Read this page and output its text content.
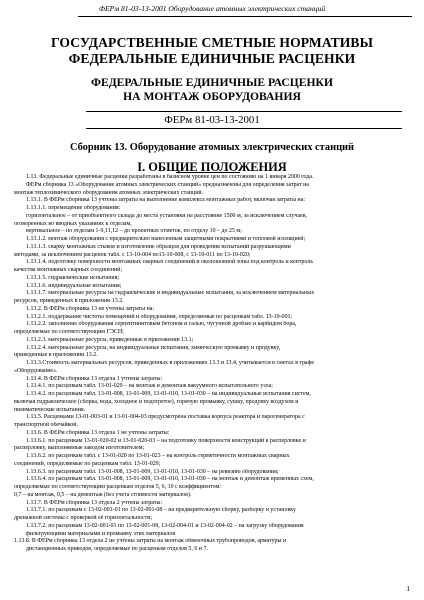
ФЕРм 81-03-13-2001 Оборудование атомных электрических станций
ГОСУДАРСТВЕННЫЕ СМЕТНЫЕ НОРМАТИВЫ
ФЕДЕРАЛЬНЫЕ ЕДИНИЧНЫЕ РАСЦЕНКИ
ФЕДЕРАЛЬНЫЕ ЕДИНИЧНЫЕ РАСЦЕНКИ
НА МОНТАЖ ОБОРУДОВАНИЯ
ФЕРм 81-03-13-2001
Сборник 13. Оборудование атомных электрических станций
I. ОБЩИЕ ПОЛОЖЕНИЯ

1.13. Федеральные единичные расценки разработаны в базисном уровне цен по состоянию на 1 января 2000 года.

ФЕРм сборника 13 «Оборудование атомных электрических станций» предназначены для определения затрат на

монтаж теплохимического оборудования атомных электрических станций.

1.13.1. В ФЕРм сборника 13 учтены затраты на выполнение комплекса монтажных работ, включая затраты на:

1.13.1.1. перемещение оборудования:

горизонтальное – от приобъектного склада до места установки на расстояние 1500 м, за исключением случаев,

оговоренных во вводных указаниях к отделам,

вертикальное – по отделам 1-9,11,12 – до проектных отметок, по отделу 10 – до 25 м;

1.13.1.2. монтаж оборудования с предварительно нанесенным защитными покрытиями и тепловой изоляцией;

1.13.1.3. сварку монтажных стыков и изготовление образцов для проведения испытаний разрушающими

методами, за исключением расценок табл. с 13-10-004 по13-10-008, с 13-10-011 по 13-10-020;

1.13.1.4. подготовку поверхности монтажных сварных соединений и околошовной зоны под контроль и контроль

качества монтажных сварных соединений;

1.13.1.5. гидравлические испытания;

1.13.1.6. индивидуальные испытания;

1.13.1.7. материальные ресурсы на гидравлические и индивидуальные испытания, за исключением материальных

ресурсов, приведенных в приложении 13.2.

1.13.2. В ФЕРм сборника 13 не учтены затраты на:

1.13.2.1. поддержание чистоты помещений и оборудования, определяемые по расценкам табл. 13-10-001;

1.13.2.2. заполнение оборудования серпентинитовым бетоном и галью, чугунной дробью и карбидом бора,

определяемые по соответствующим ГЭСН;

1.13.2.3. материальные ресурсы, приведенные в приложении 13.1;

1.13.2.4. материальные ресурсы, на индивидуальные испытания, химическую промывку и продувку,

приведенные в приложении 13.2.

1.13.3.Стоимость материальных ресурсов, приведенных в приложениях 13.3 и 13.4, учитывается в сметах в графе

«Оборудование».

1.13.4. В ФЕРм сборника 13 отдела 1 учтены затраты:

1.13.4.1. по расценкам табл. 13-01-029 – на монтаж и демонтаж вакуумного испытательного узла;

1.13.4.2. по расценкам табл. 13-01-008, 13-01-009, 13-01-010, 13-01-030 – на индивидуальные испытания систем,

включая гидравлическое (сборка, вода, холодное и подогретое), горячую промывку, сушку, продувку воздухом и

пневматические испытания.

1.13.5. Расценками 13-01-003-01 и 13-01-004-03 предусмотрена поставка корпуса реактора и парогенератора с

транспортной обечайкой.

1.13.6. В ФЕРм сборника 13 отдела 1 не учтены затраты:

1.13.6.1. по расценкам 13-01-020-02 и 13-01-020-03 – на подготовку поверхности конструкций к расперловке и

расперловку, выполняемые заводом изготовителем;

1.13.6.2. по расценкам табл. с 13-01-020 по 13-01-023 – на контроль герметичности монтажных сварных

соединений, определяемые по расценкам табл. 13-01-029;

1.13.6.3. по расценкам табл. 13-01-008, 13-01-009, 13-01-010, 13-01-030 – на ревизию оборудования;

1.13.6.4. по расценкам табл. 13-01-008, 13-01-009, 13-01-010, 13-01-030 – на монтаж и демонтаж временных схем,

определяемые по соответствующим расценкам отделов 5, 6, 10 с коэффициентом:

0,7 – на монтаж, 0,5 – на демонтаж (без учета стоимости материалов).

1.13.7. В ФЕРм сборника 13 отдела 2 учтены затраты:

1.13.7.1. по расценкам с 13-02-001-01 по 13-02-001-08 – на предварительную сборку, разборку и установку

дренажной системы с проверкой её горизонтальности;

1.13.7.2. по расценкам 13-02-001-01 по 13-02-001-08, 13-02-004-01 и 13-02-004-02 – на загрузку оборудования

фильтрующими материалами и промывку этих материалов.

1.13.8. В ФЕРм сборника 13 отдела 2 не учтены затраты на монтаж обвязочных трубопроводов, арматуры и

дистанционных приводов, определяемые по расценкам отделов 5, 6 и 7.

1
